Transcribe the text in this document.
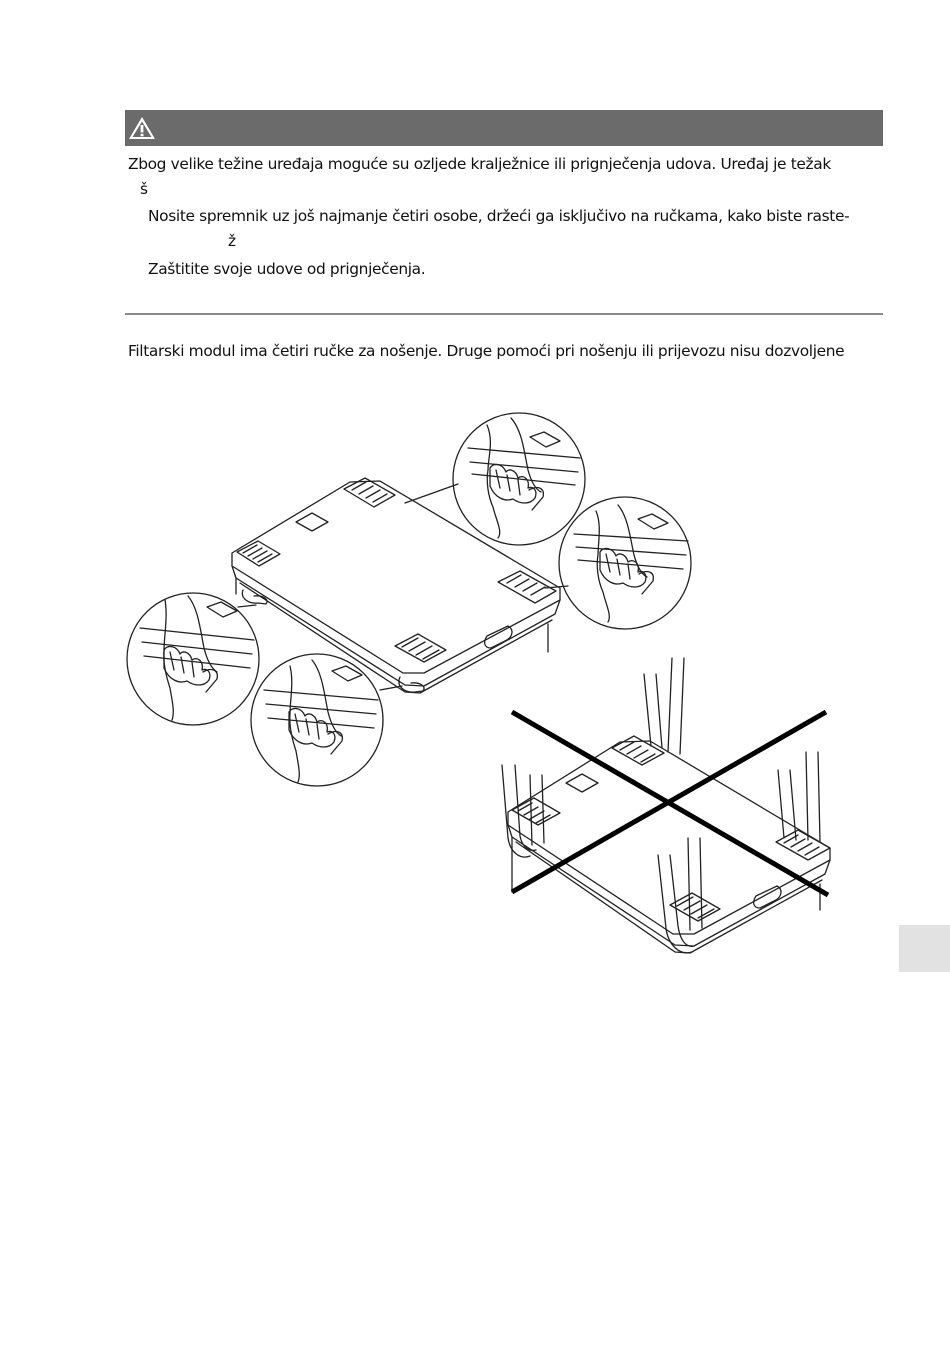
Zbog velike težine uređaja moguće su ozljede kralježnice ili prignječenja udova. Uređaj je težak

š

Nosite spremnik uz još najmanje četiri osobe, držeći ga isključivo na ručkama, kako biste raste-

ž

Zaštitite svoje udove od prignječenja.

Filtarski modul ima četiri ručke za nošenje. Druge pomoći pri nošenju ili prijevozu nisu dozvoljene
